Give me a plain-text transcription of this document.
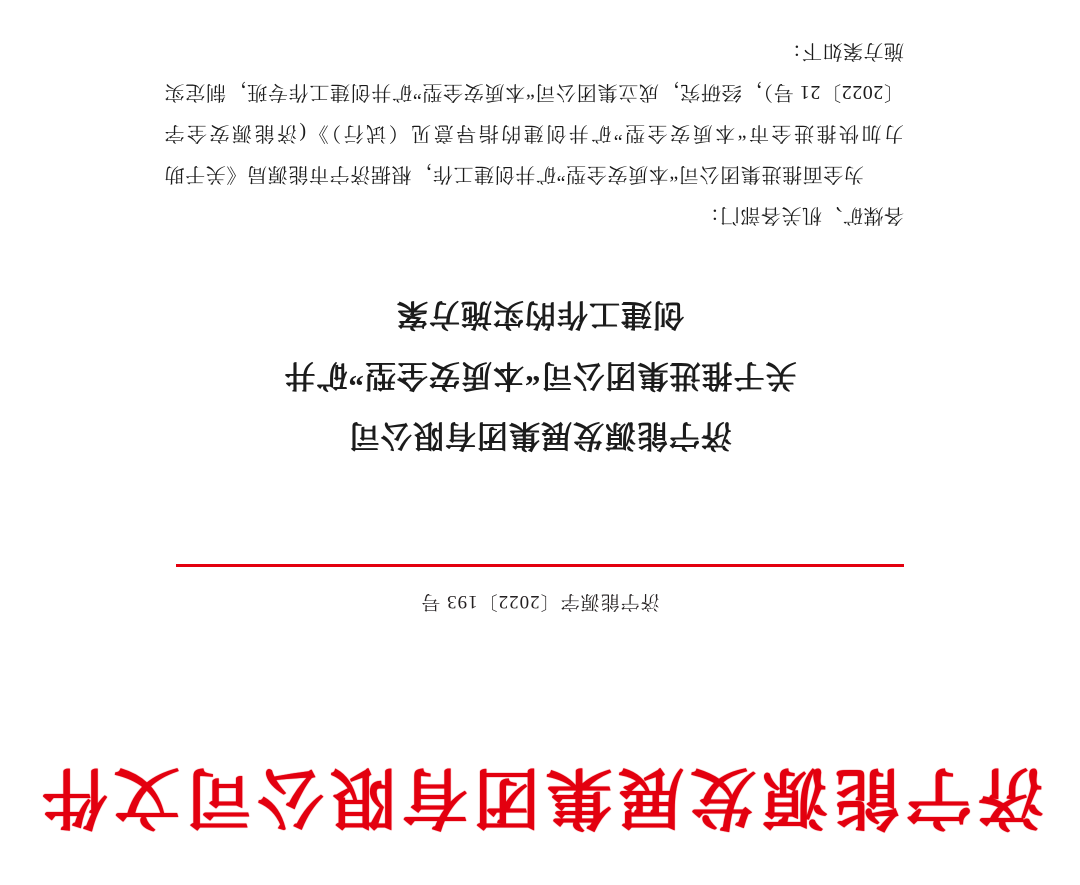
济宁能源发展集团有限公司文件
济宁能源字〔2022〕193 号
济宁能源发展集团有限公司
关于推进集团公司“本质安全型”矿井
创建工作的实施方案
各煤矿、机关各部门：
为全面推进集团公司“本质安全型”矿井创建工作，根据济宁市能源局《关于助力加快推进全市“本质安全型”矿井创建的指导意见（试行）》(济能源安全字〔2022〕21 号），经研究，成立集团公司“本质安全型”矿井创建工作专班，制定实施方案如下：
